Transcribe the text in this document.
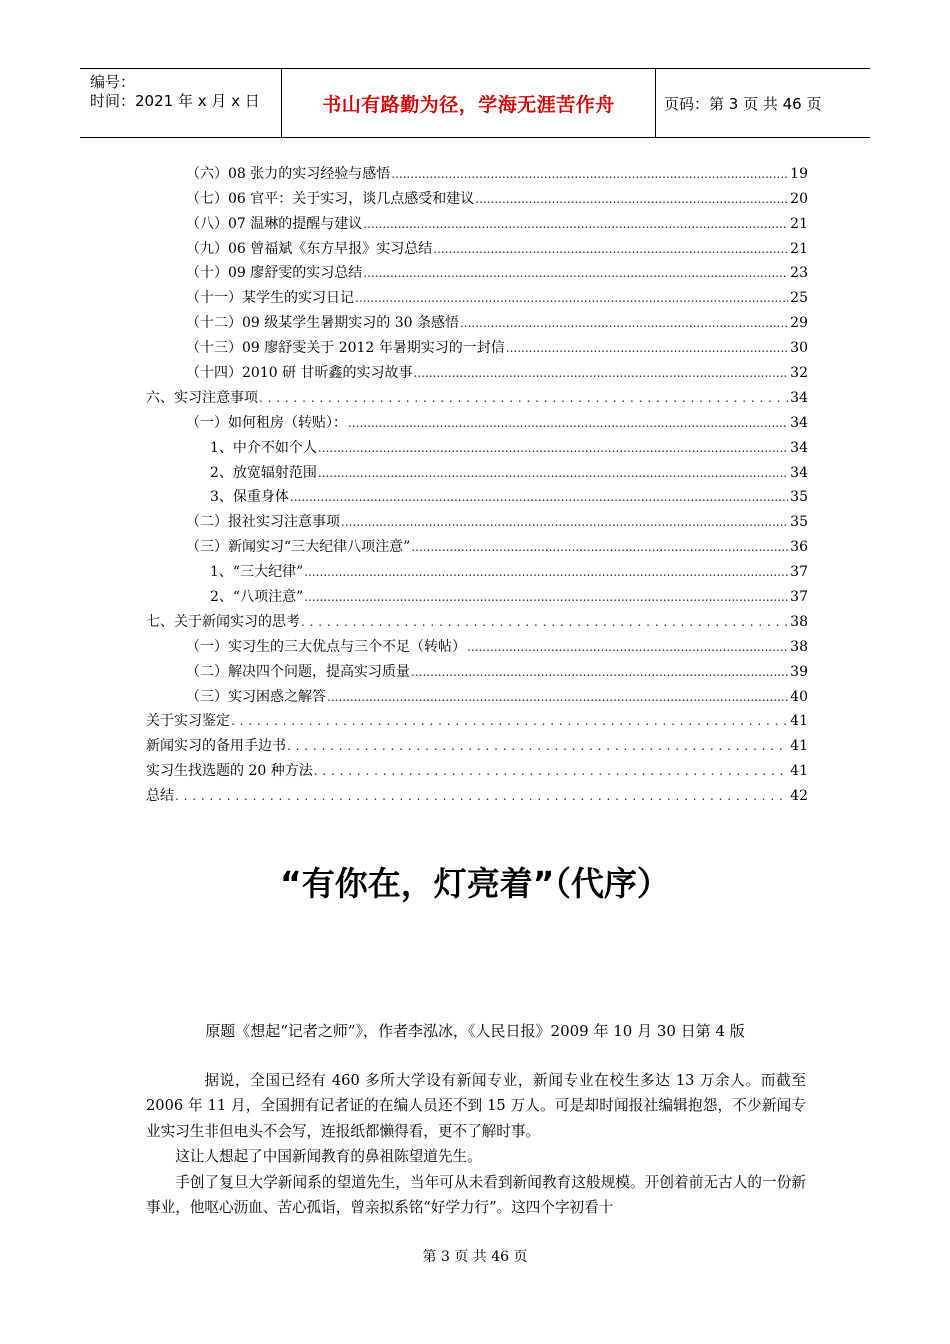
编号：
时间：2021 年 x 月 x 日	书山有路勤为径，学海无涯苦作舟	页码：第 3 页 共 46 页
（六）08 张力的实习经验与感悟 .....	19
（七）06 官平：关于实习，谈几点感受和建议 .....	20
（八）07 温琳的提醒与建议 .....	21
（九）06 曾福斌《东方早报》实习总结 .....	21
（十）09 廖舒雯的实习总结 .....	23
（十一）某学生的实习日记 .....	25
（十二）09 级某学生暑期实习的 30 条感悟 .....	29
（十三）09 廖舒雯关于 2012 年暑期实习的一封信 .....	30
（十四）2010 研 甘昕鑫的实习故事 .....	32
六、实习注意事项 . . .	34
（一）如何租房（转贴）： .....	34
1、中介不如个人 .....	34
2、放宽辐射范围 .....	34
3、保重身体 .....	35
（二）报社实习注意事项 .....	35
（三）新闻实习“三大纪律八项注意” .....	36
1、“三大纪律” .....	37
2、“八项注意” .....	37
七、关于新闻实习的思考 . . .	38
（一）实习生的三大优点与三个不足（转帖） .....	38
（二）解决四个问题，提高实习质量 .....	39
（三）实习困惑之解答 .....	40
关于实习鉴定 . . .	41
新闻实习的备用手边书 . . .	41
实习生找选题的 20 种方法 . . .	41
总结 . . .	42
“有你在，灯亮着”（代序）
原题《想起“记者之师”》，作者李泓冰，《人民日报》2009 年 10 月 30 日第 4 版

据说，全国已经有 460 多所大学设有新闻专业，新闻专业在校生多达 13 万余人。而截至 2006 年 11 月，全国拥有记者证的在编人员还不到 15 万人。可是却时闻报社编辑抱怨，不少新闻专业实习生非但电头不会写，连报纸都懒得看，更不了解时事。

这让人想起了中国新闻教育的鼻祖陈望道先生。

手创了复旦大学新闻系的望道先生，当年可从未看到新闻教育这般规模。开创着前无古人的一份新事业，他呕心沥血、苦心孤诣，曾亲拟系铭“好学力行”。这四个字初看十

第 3 页 共 46 页
